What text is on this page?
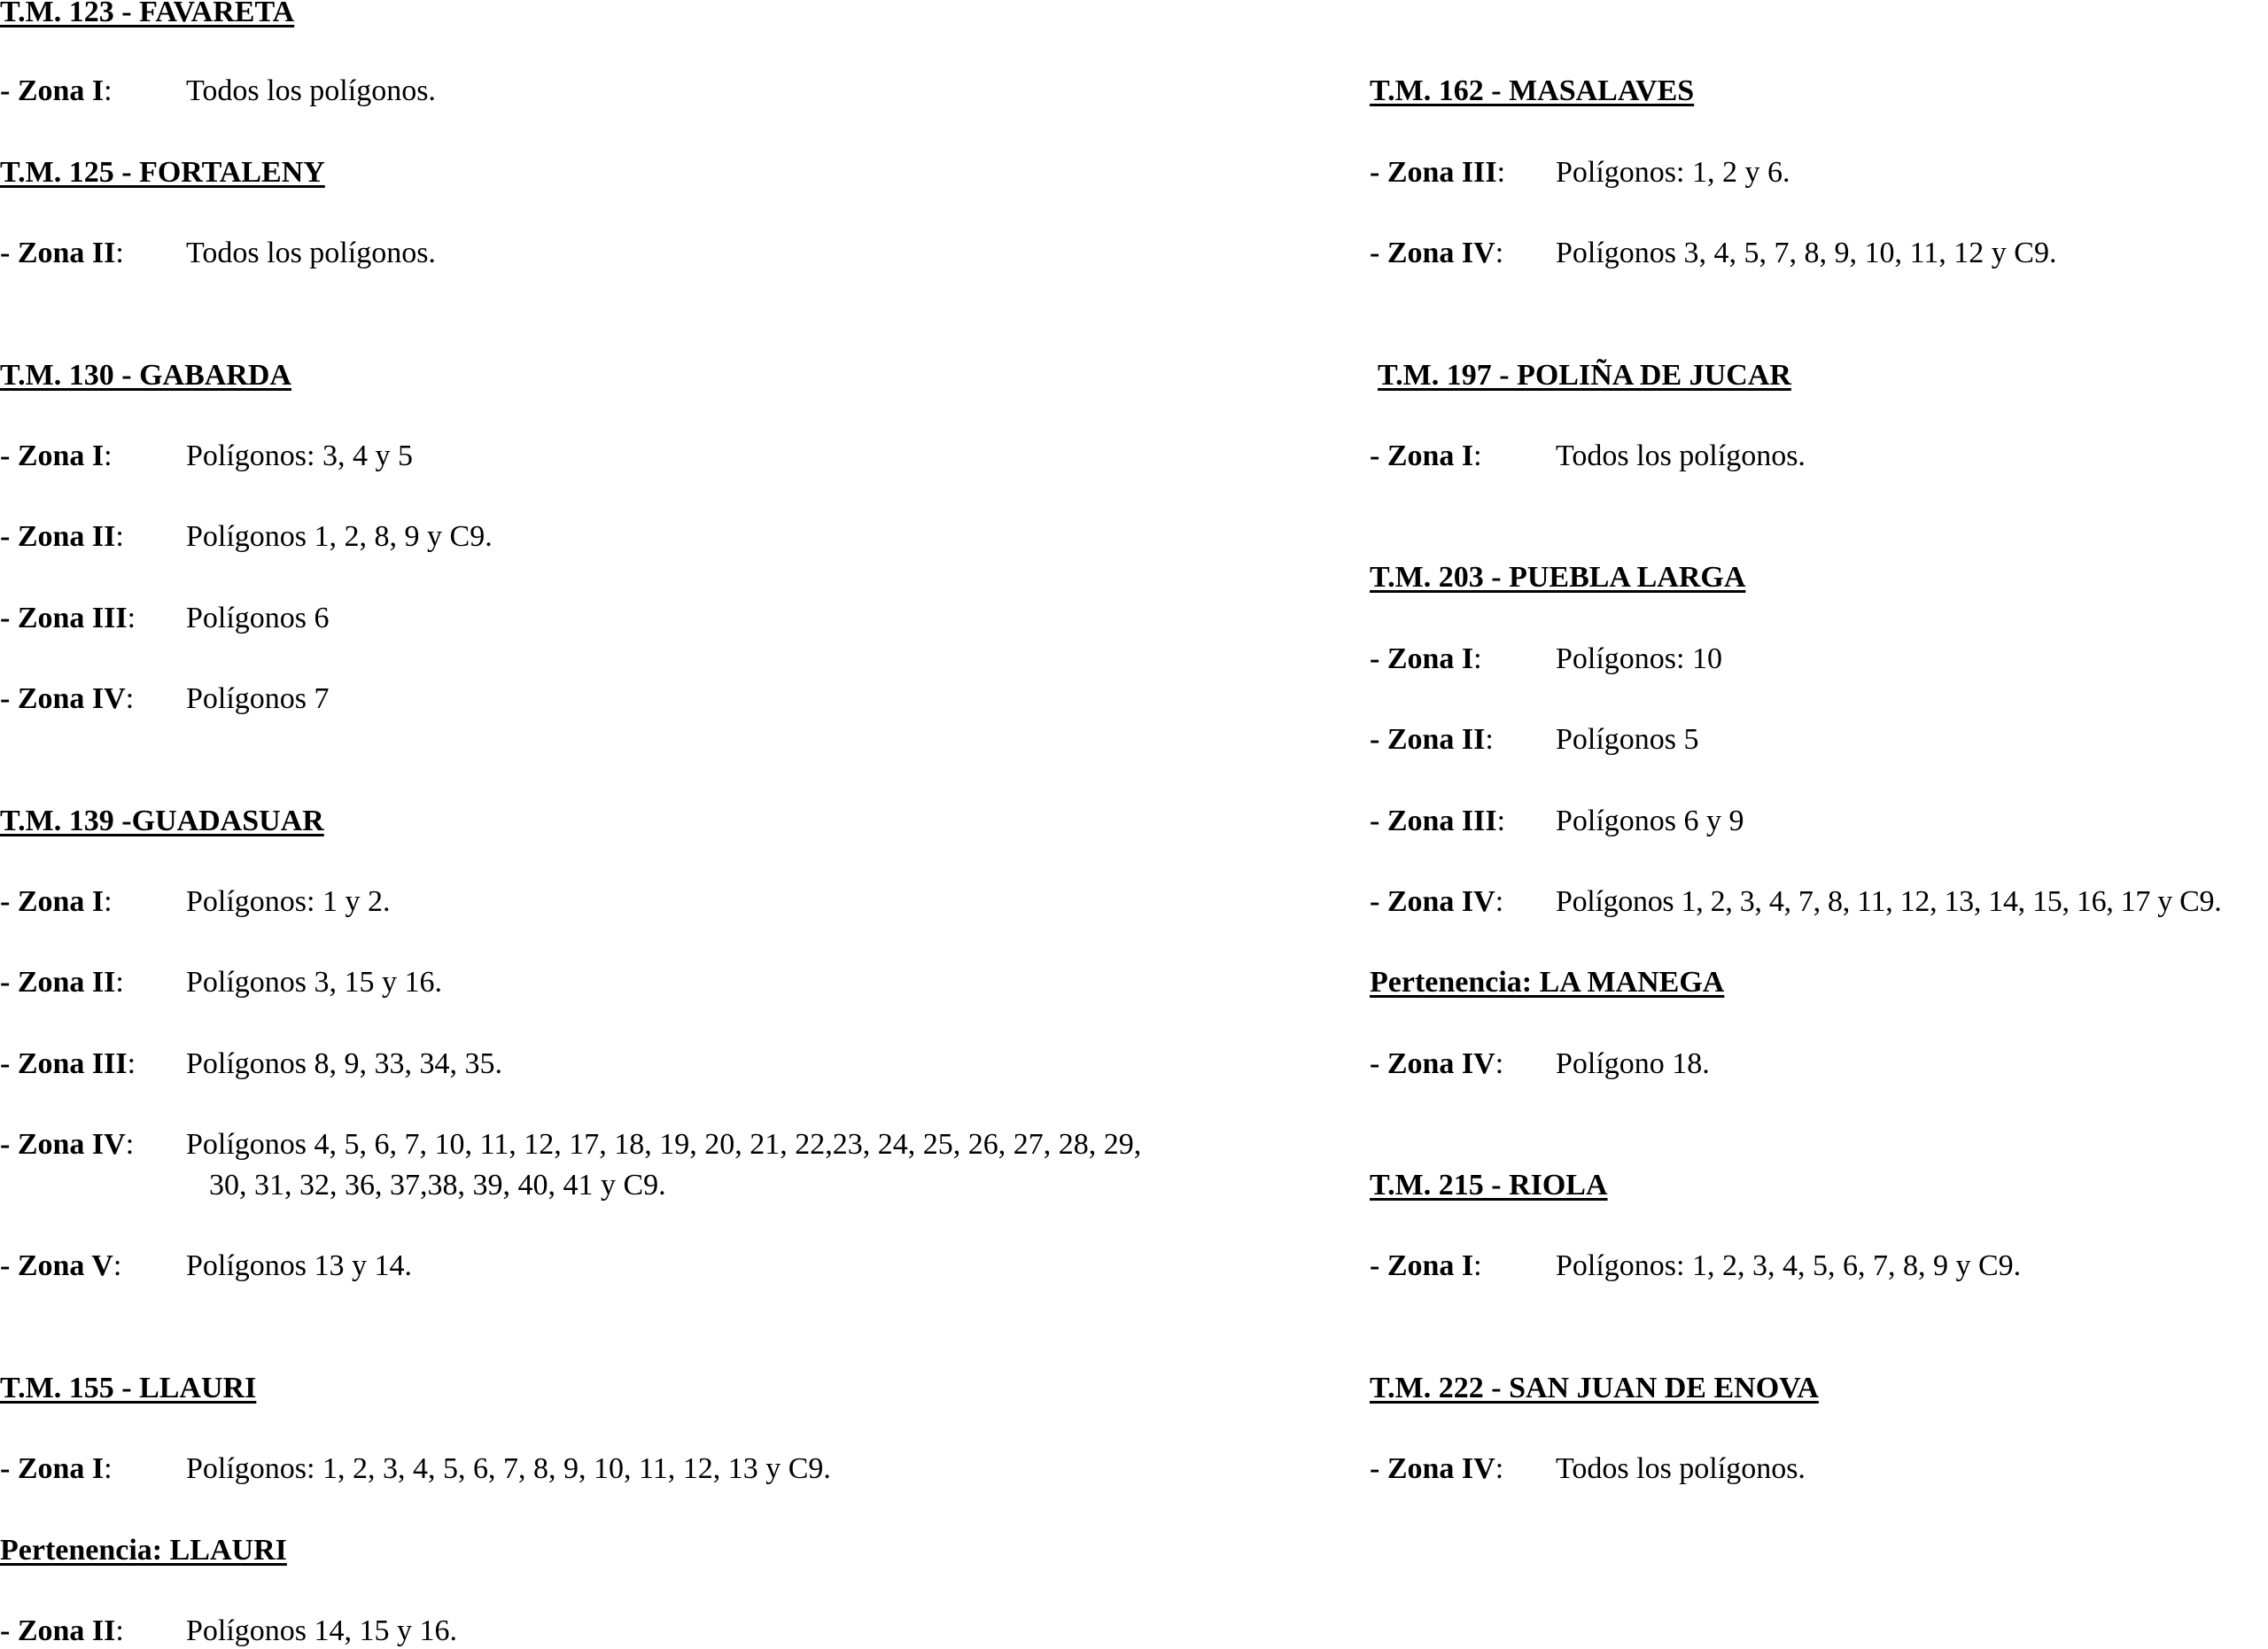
T.M. 123 - FAVARETA
- Zona I: Todos los polígonos.
T.M. 125 - FORTALENY
- Zona II: Todos los polígonos.
T.M. 130 - GABARDA
- Zona I: Polígonos: 3, 4 y 5
- Zona II: Polígonos 1, 2, 8, 9 y C9.
- Zona III: Polígonos 6
- Zona IV: Polígonos 7
T.M. 139 -GUADASUAR
- Zona I: Polígonos: 1 y 2.
- Zona II: Polígonos 3, 15 y 16.
- Zona III: Polígonos 8, 9, 33, 34, 35.
- Zona IV: Polígonos 4, 5, 6, 7, 10, 11, 12, 17, 18, 19, 20, 21, 22,23, 24, 25, 26, 27, 28, 29,
30, 31, 32, 36, 37,38, 39, 40, 41 y C9.
- Zona V: Polígonos 13 y 14.
T.M. 155 - LLAURI
- Zona I: Polígonos: 1, 2, 3, 4, 5, 6, 7, 8, 9, 10, 11, 12, 13 y C9.
Pertenencia: LLAURI
- Zona II: Polígonos 14, 15 y 16.
T.M. 162 - MASALAVES
- Zona III: Polígonos: 1, 2 y 6.
- Zona IV: Polígonos 3, 4, 5, 7, 8, 9, 10, 11, 12 y C9.
T.M. 197 - POLIÑA DE JUCAR
- Zona I: Todos los polígonos.
T.M. 203 - PUEBLA LARGA
- Zona I: Polígonos: 10
- Zona II: Polígonos 5
- Zona III: Polígonos 6 y 9
- Zona IV: Polígonos 1, 2, 3, 4, 7, 8, 11, 12, 13, 14, 15, 16, 17 y C9.
Pertenencia: LA MANEGA
- Zona IV: Polígono 18.
T.M. 215 - RIOLA
- Zona I: Polígonos: 1, 2, 3, 4, 5, 6, 7, 8, 9 y C9.
T.M. 222 - SAN JUAN DE ENOVA
- Zona IV: Todos los polígonos.
